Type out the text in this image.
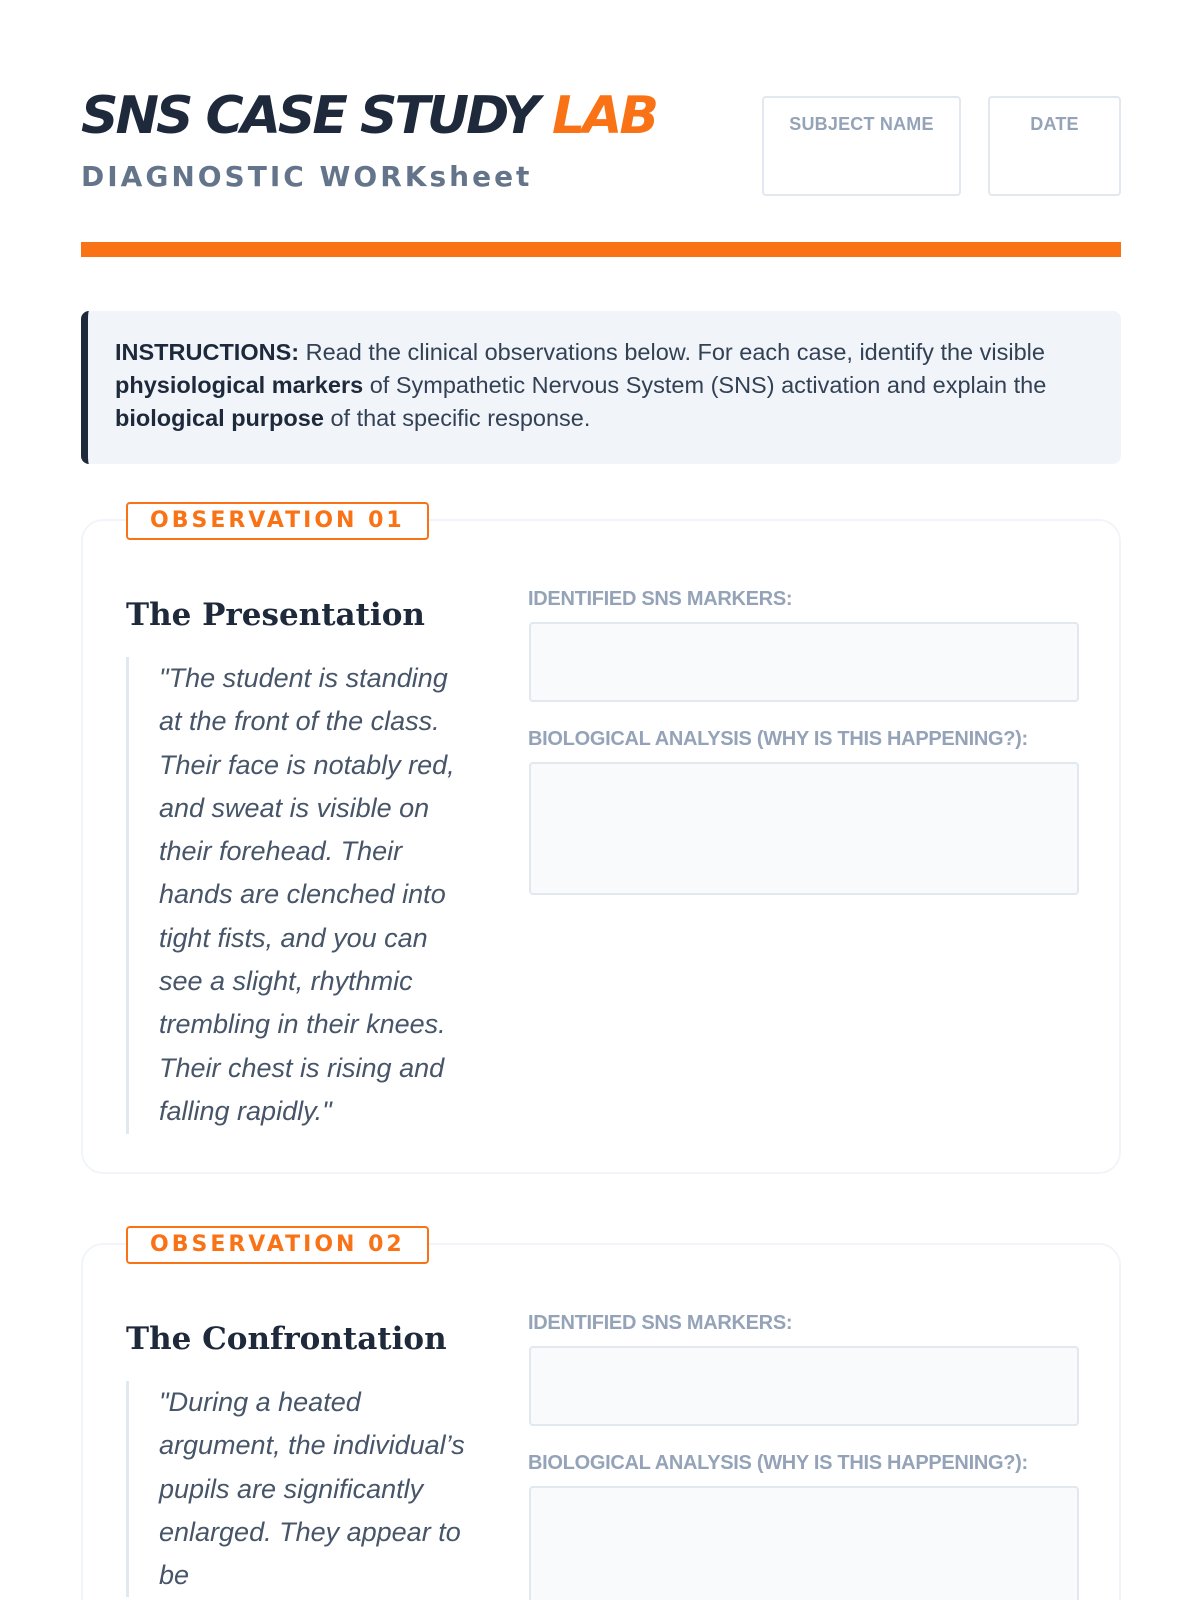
SNS CASE STUDY LAB
DIAGNOSTIC WORKsheet
SUBJECT NAME	DATE
INSTRUCTIONS: Read the clinical observations below. For each case, identify the visible physiological markers of Sympathetic Nervous System (SNS) activation and explain the biological purpose of that specific response.
OBSERVATION 01
The Presentation
"The student is standing at the front of the class. Their face is notably red, and sweat is visible on their forehead. Their hands are clenched into tight fists, and you can see a slight, rhythmic trembling in their knees. Their chest is rising and falling rapidly."
IDENTIFIED SNS MARKERS:
BIOLOGICAL ANALYSIS (WHY IS THIS HAPPENING?):
OBSERVATION 02
The Confrontation
"During a heated argument, the individual’s pupils are significantly enlarged. They appear to be
IDENTIFIED SNS MARKERS:
BIOLOGICAL ANALYSIS (WHY IS THIS HAPPENING?):
